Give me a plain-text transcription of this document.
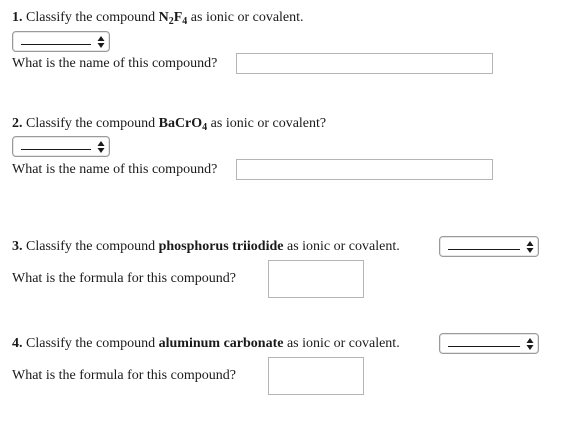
1. Classify the compound $N_2F_4$ as ionic or covalent.
What is the name of this compound?
2. Classify the compound BaCrO$_4$ as ionic or covalent?
What is the name of this compound?
3. Classify the compound phosphorus triiodide as ionic or covalent.
What is the formula for this compound?
4. Classify the compound aluminum carbonate as ionic or covalent.
What is the formula for this compound?
